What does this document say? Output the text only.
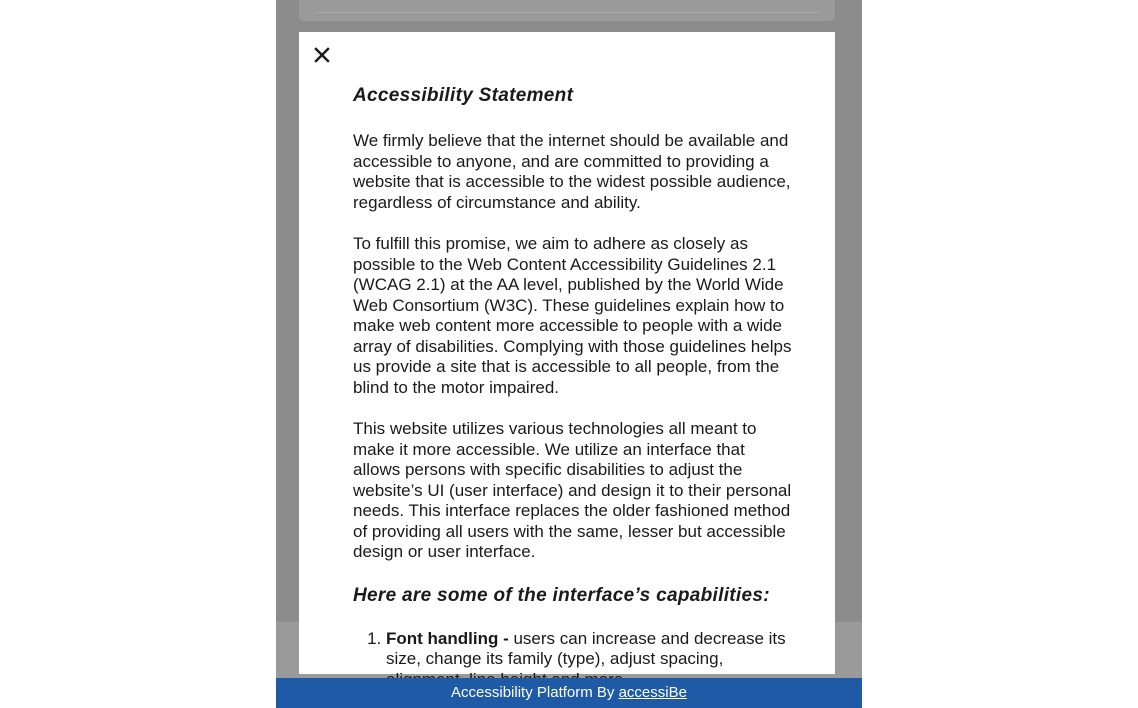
Accessibility Statement

We firmly believe that the internet should be available and accessible to anyone, and are committed to providing a website that is accessible to the widest possible audience, regardless of circumstance and ability.

To fulfill this promise, we aim to adhere as closely as possible to the Web Content Accessibility Guidelines 2.1 (WCAG 2.1) at the AA level, published by the World Wide Web Consortium (W3C). These guidelines explain how to make web content more accessible to people with a wide array of disabilities. Complying with those guidelines helps us provide a site that is accessible to all people, from the blind to the motor impaired.

This website utilizes various technologies all meant to make it more accessible. We utilize an interface that allows persons with specific disabilities to adjust the website’s UI (user interface) and design it to their personal needs. This interface replaces the older fashioned method of providing all users with the same, lesser but accessible design or user interface.

Here are some of the interface’s capabilities:
1. Font handling - users can increase and decrease its size, change its family (type), adjust spacing,
Accessibility Platform By accessiBe
